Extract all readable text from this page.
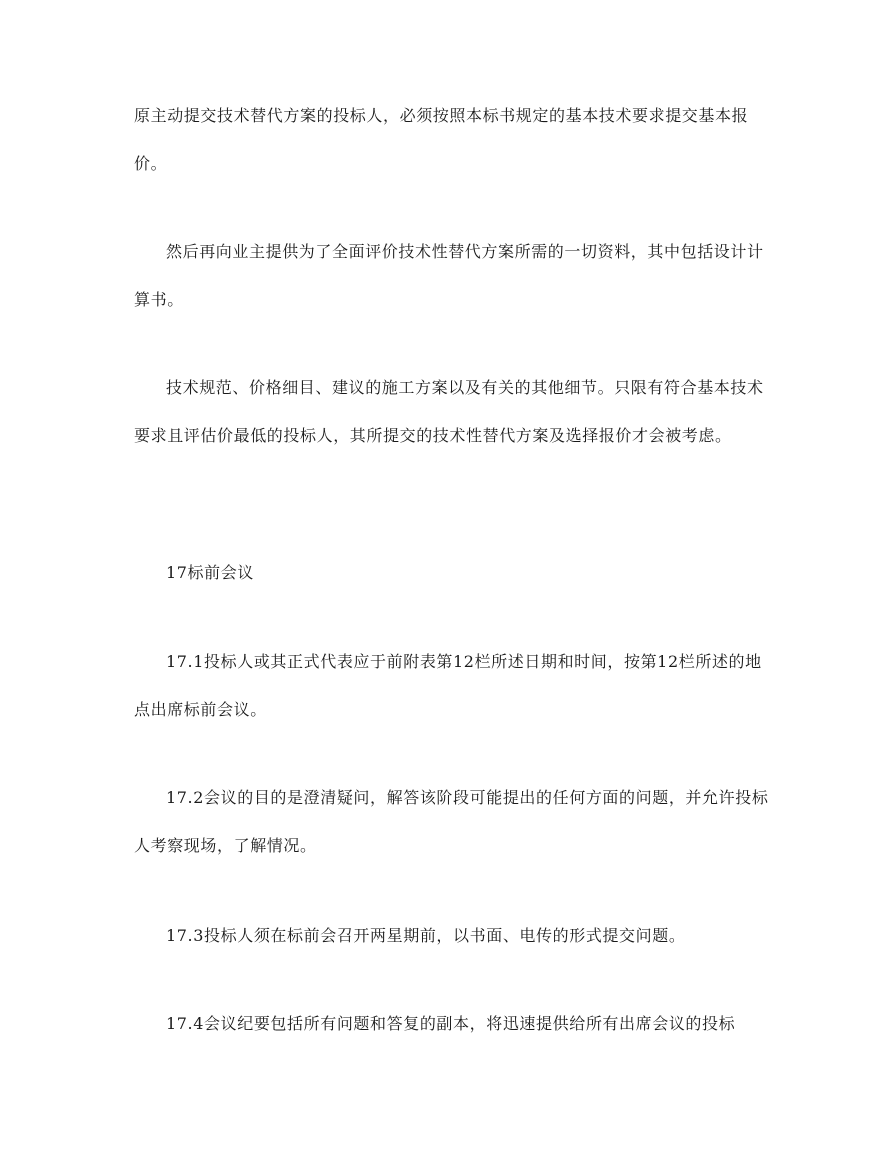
原主动提交技术替代方案的投标人，必须按照本标书规定的基本技术要求提交基本报价。

然后再向业主提供为了全面评价技术性替代方案所需的一切资料，其中包括设计计算书。

技术规范、价格细目、建议的施工方案以及有关的其他细节。只限有符合基本技术要求且评估价最低的投标人，其所提交的技术性替代方案及选择报价才会被考虑。

17标前会议

17.1投标人或其正式代表应于前附表第12栏所述日期和时间，按第12栏所述的地点出席标前会议。

17.2会议的目的是澄清疑问，解答该阶段可能提出的任何方面的问题，并允许投标人考察现场，了解情况。

17.3投标人须在标前会召开两星期前，以书面、电传的形式提交问题。

17.4会议纪要包括所有问题和答复的副本，将迅速提供给所有出席会议的投标
